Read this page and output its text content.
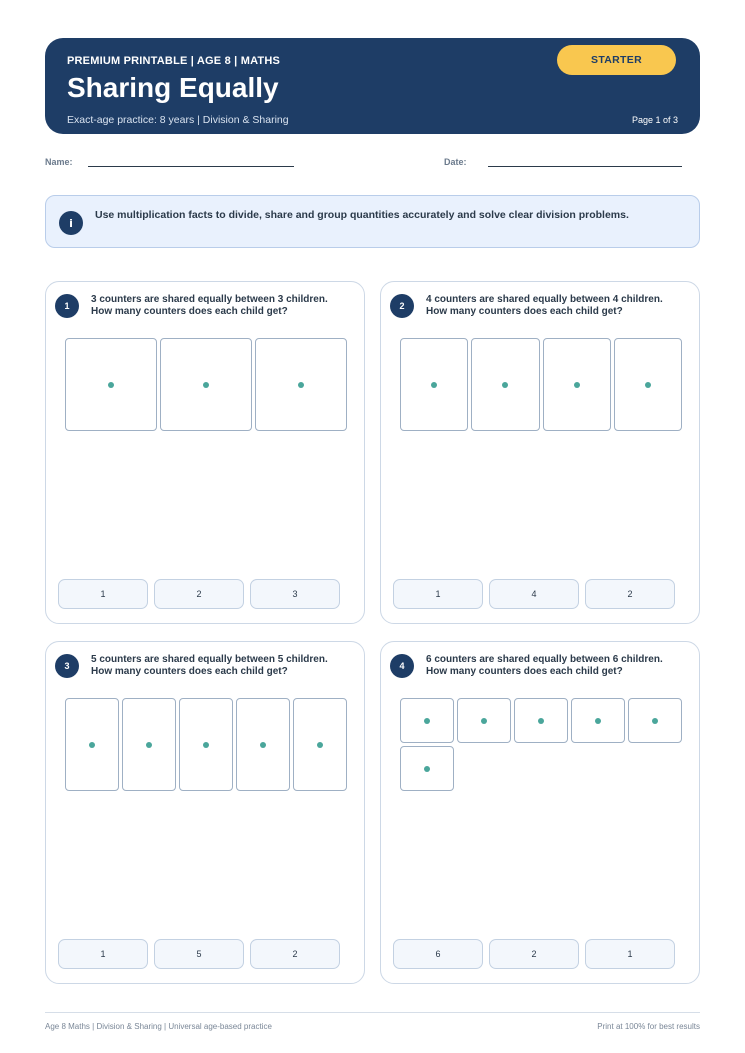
PREMIUM PRINTABLE | AGE 8 | MATHS
Sharing Equally
Exact-age practice: 8 years | Division & Sharing	Page 1 of 3
STARTER
Name:	Date:
i
Use multiplication facts to divide, share and group quantities accurately and solve clear division problems.
1
3 counters are shared equally between 3 children.
How many counters does each child get?
1	2	3
2
4 counters are shared equally between 4 children.
How many counters does each child get?
1	4	2
3
5 counters are shared equally between 5 children.
How many counters does each child get?
1	5	2
4
6 counters are shared equally between 6 children.
How many counters does each child get?
6	2	1
Age 8 Maths | Division & Sharing | Universal age-based practice	Print at 100% for best results
